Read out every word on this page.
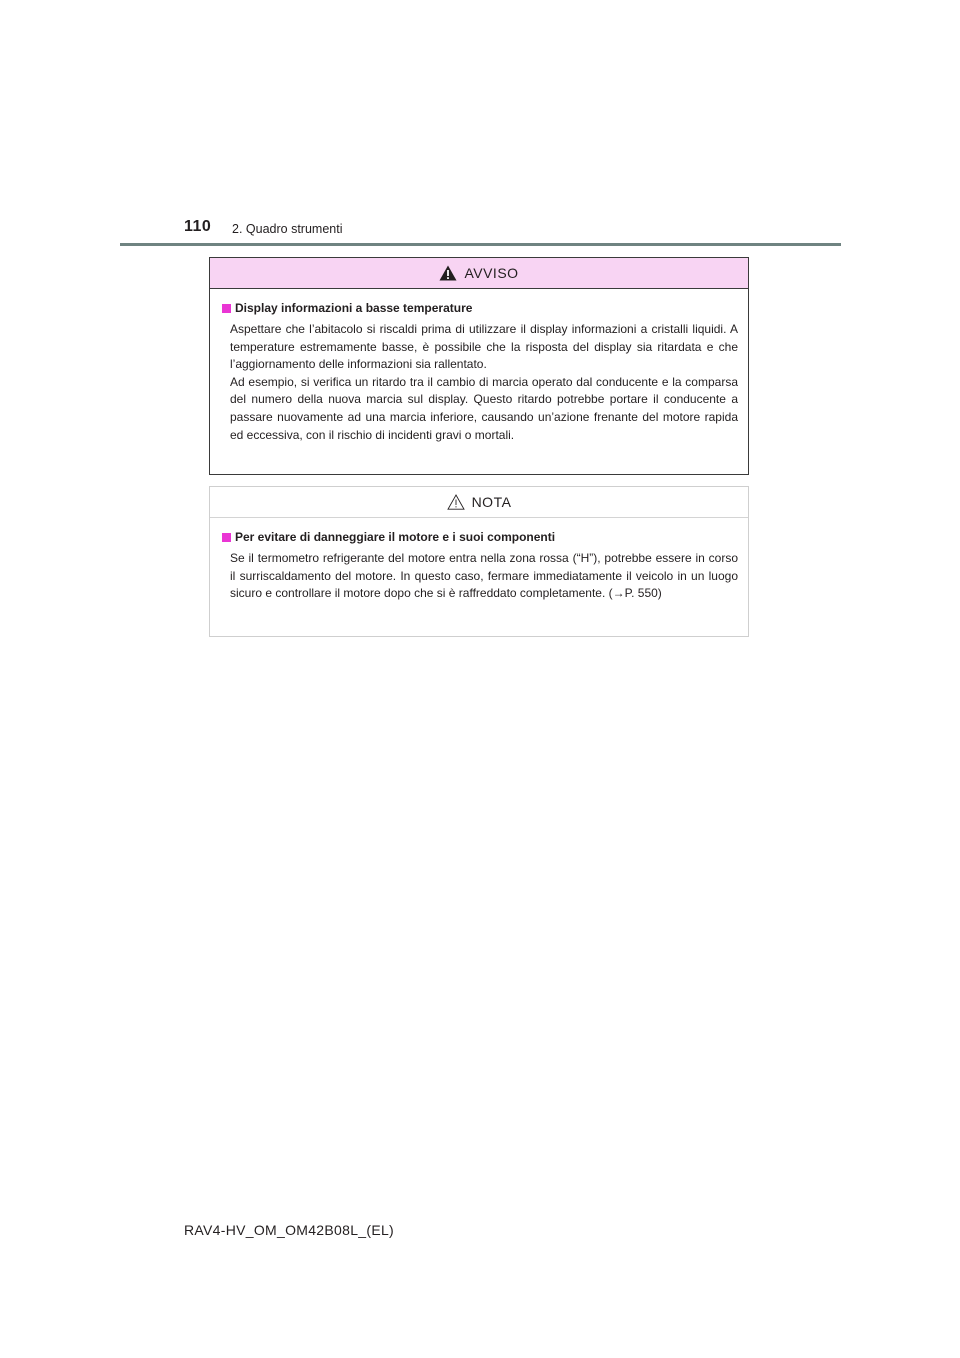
110 2. Quadro strumenti
AVVISO
Display informazioni a basse temperature

Aspettare che l’abitacolo si riscaldi prima di utilizzare il display informazioni a cristalli liquidi. A temperature estremamente basse, è possibile che la risposta del display sia ritardata e che l’aggiornamento delle informazioni sia rallentato.

Ad esempio, si verifica un ritardo tra il cambio di marcia operato dal conducente e la comparsa del numero della nuova marcia sul display. Questo ritardo potrebbe portare il conducente a passare nuovamente ad una marcia inferiore, causando un’azione frenante del motore rapida ed eccessiva, con il rischio di incidenti gravi o mortali.

NOTA
Per evitare di danneggiare il motore e i suoi componenti

Se il termometro refrigerante del motore entra nella zona rossa (“H”), potrebbe essere in corso il surriscaldamento del motore. In questo caso, fermare immediatamente il veicolo in un luogo sicuro e controllare il motore dopo che si è raffreddato completamente. (→P. 550)

RAV4-HV_OM_OM42B08L_(EL)
